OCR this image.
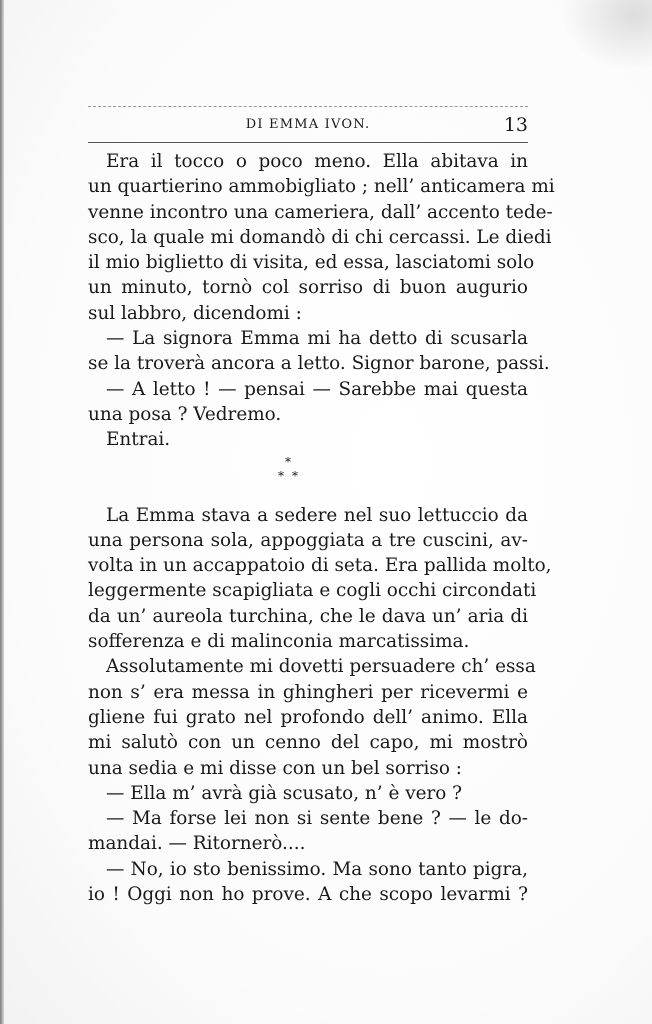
DI EMMA IVON.	13
Era il tocco o poco meno. Ella abitava in
un quartierino ammobigliato ; nell’ anticamera mi
venne incontro una cameriera, dall’ accento tede-
sco, la quale mi domandò di chi cercassi. Le diedi
il mio biglietto di visita, ed essa, lasciatomi solo
un minuto, tornò col sorriso di buon augurio
sul labbro, dicendomi :
— La signora Emma mi ha detto di scusarla
se la troverà ancora a letto. Signor barone, passi.
— A letto ! — pensai — Sarebbe mai questa
una posa ? Vedremo.
Entrai.
*
* *
La Emma stava a sedere nel suo lettuccio da
una persona sola, appoggiata a tre cuscini, av-
volta in un accappatoio di seta. Era pallida molto,
leggermente scapigliata e cogli occhi circondati
da un’ aureola turchina, che le dava un’ aria di
sofferenza e di malinconia marcatissima.
Assolutamente mi dovetti persuadere ch’ essa
non s’ era messa in ghingheri per ricevermi e
gliene fui grato nel profondo dell’ animo. Ella
mi salutò con un cenno del capo, mi mostrò
una sedia e mi disse con un bel sorriso :
— Ella m’ avrà già scusato, n’ è vero ?
— Ma forse lei non si sente bene ? — le do-
mandai. — Ritornerò....
— No, io sto benissimo. Ma sono tanto pigra,
io ! Oggi non ho prove. A che scopo levarmi ?
